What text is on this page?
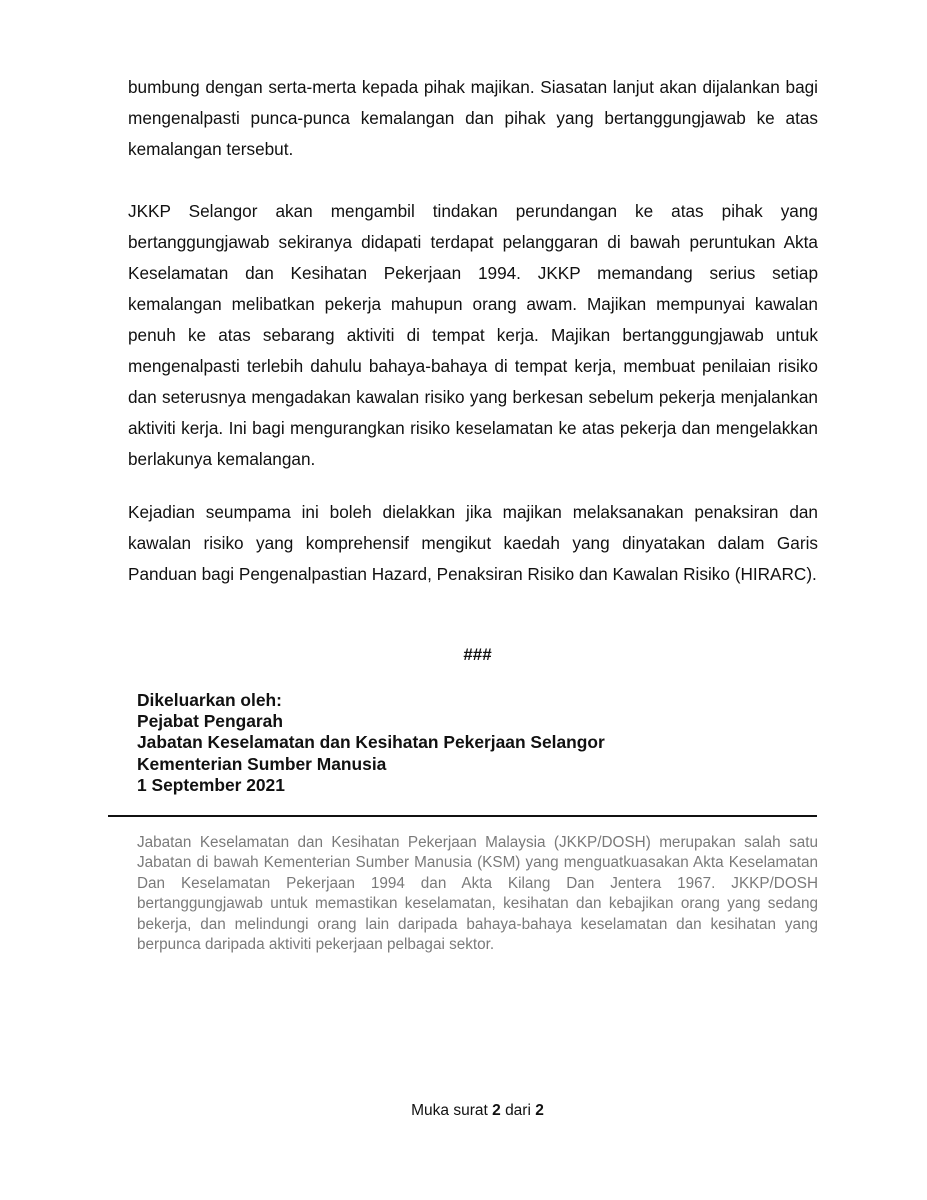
bumbung dengan serta-merta kepada pihak majikan. Siasatan lanjut akan dijalankan bagi mengenalpasti punca-punca kemalangan dan pihak yang bertanggungjawab ke atas kemalangan tersebut.

JKKP Selangor akan mengambil tindakan perundangan ke atas pihak yang bertanggungjawab sekiranya didapati terdapat pelanggaran di bawah peruntukan Akta Keselamatan dan Kesihatan Pekerjaan 1994. JKKP memandang serius setiap kemalangan melibatkan pekerja mahupun orang awam. Majikan mempunyai kawalan penuh ke atas sebarang aktiviti di tempat kerja. Majikan bertanggungjawab untuk mengenalpasti terlebih dahulu bahaya-bahaya di tempat kerja, membuat penilaian risiko dan seterusnya mengadakan kawalan risiko yang berkesan sebelum pekerja menjalankan aktiviti kerja. Ini bagi mengurangkan risiko keselamatan ke atas pekerja dan mengelakkan berlakunya kemalangan.

Kejadian seumpama ini boleh dielakkan jika majikan melaksanakan penaksiran dan kawalan risiko yang komprehensif mengikut kaedah yang dinyatakan dalam Garis Panduan bagi Pengenalpastian Hazard, Penaksiran Risiko dan Kawalan Risiko (HIRARC).

###

Dikeluarkan oleh:
Pejabat Pengarah
Jabatan Keselamatan dan Kesihatan Pekerjaan Selangor
Kementerian Sumber Manusia
1 September 2021

Jabatan Keselamatan dan Kesihatan Pekerjaan Malaysia (JKKP/DOSH) merupakan salah satu Jabatan di bawah Kementerian Sumber Manusia (KSM) yang menguatkuasakan Akta Keselamatan Dan Keselamatan Pekerjaan 1994 dan Akta Kilang Dan Jentera 1967. JKKP/DOSH bertanggungjawab untuk memastikan keselamatan, kesihatan dan kebajikan orang yang sedang bekerja, dan melindungi orang lain daripada bahaya-bahaya keselamatan dan kesihatan yang berpunca daripada aktiviti pekerjaan pelbagai sektor.

Muka surat 2 dari 2
